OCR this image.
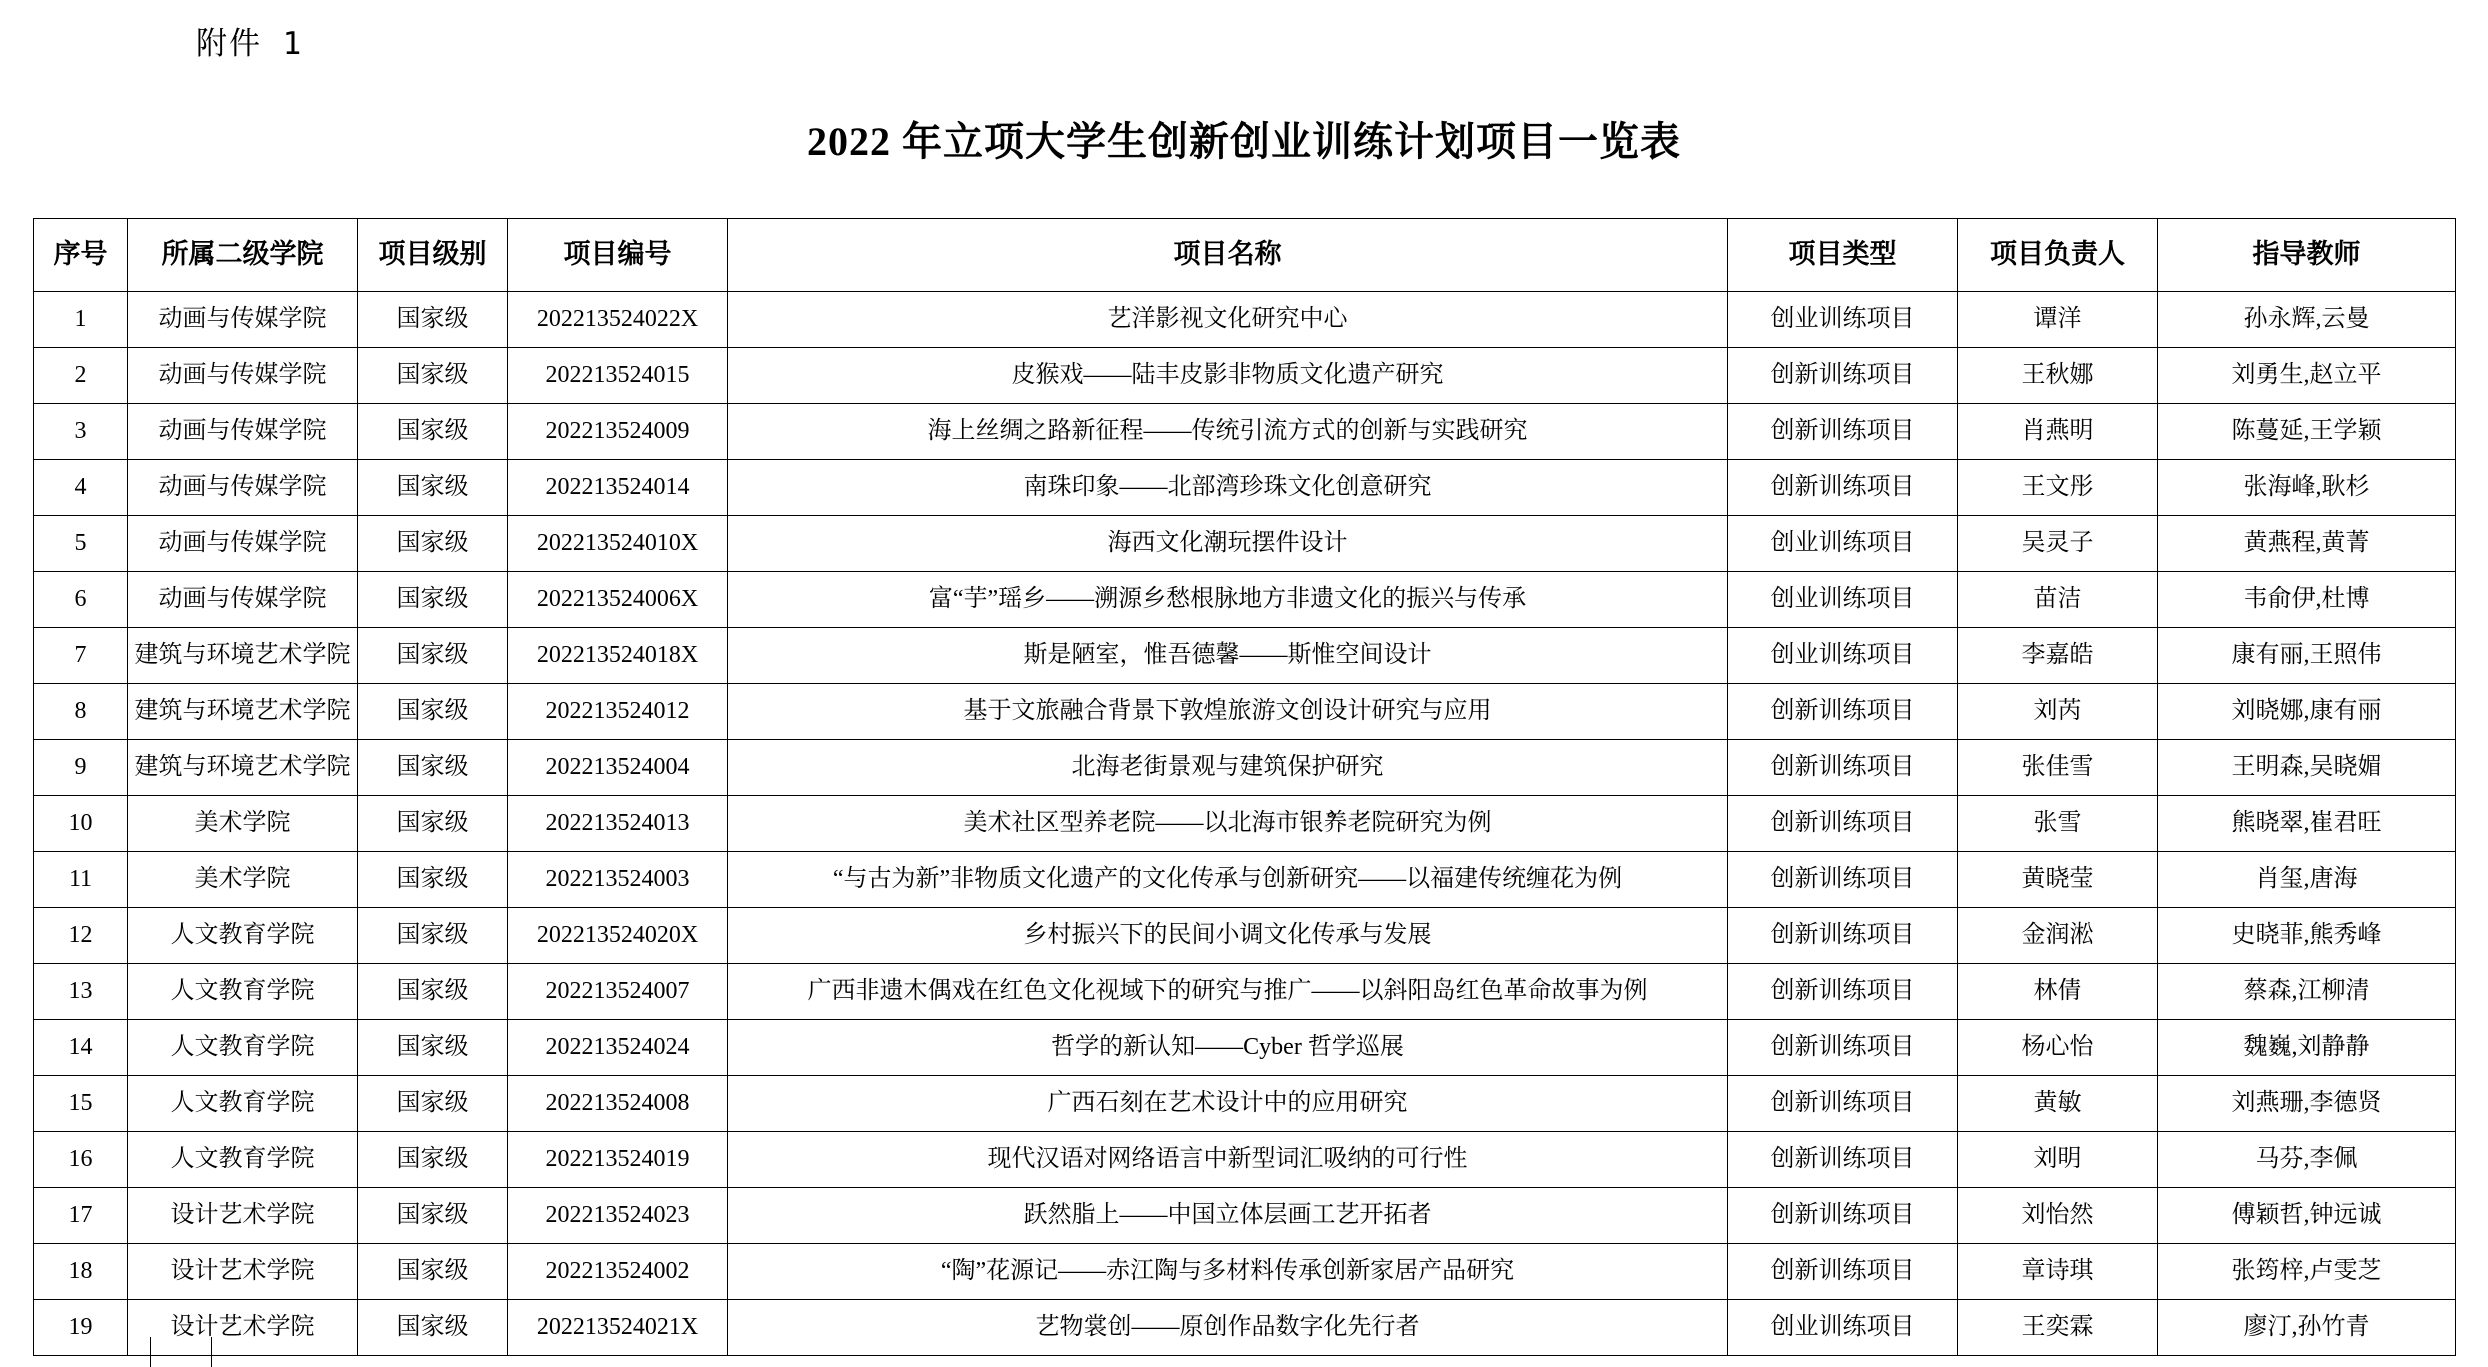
附件 1
2022 年立项大学生创新创业训练计划项目一览表
序号	所属二级学院	项目级别	项目编号	项目名称	项目类型	项目负责人	指导教师
1	动画与传媒学院	国家级	202213524022X	艺洋影视文化研究中心	创业训练项目	谭洋	孙永辉,云曼
2	动画与传媒学院	国家级	202213524015	皮猴戏——陆丰皮影非物质文化遗产研究	创新训练项目	王秋娜	刘勇生,赵立平
3	动画与传媒学院	国家级	202213524009	海上丝绸之路新征程——传统引流方式的创新与实践研究	创新训练项目	肖燕明	陈蔓延,王学颖
4	动画与传媒学院	国家级	202213524014	南珠印象——北部湾珍珠文化创意研究	创新训练项目	王文彤	张海峰,耿杉
5	动画与传媒学院	国家级	202213524010X	海西文化潮玩摆件设计	创业训练项目	吴灵子	黄燕程,黄菁
6	动画与传媒学院	国家级	202213524006X	富“芋”瑶乡——溯源乡愁根脉地方非遗文化的振兴与传承	创业训练项目	苗洁	韦俞伊,杜博
7	建筑与环境艺术学院	国家级	202213524018X	斯是陋室，惟吾德馨——斯惟空间设计	创业训练项目	李嘉皓	康有丽,王照伟
8	建筑与环境艺术学院	国家级	202213524012	基于文旅融合背景下敦煌旅游文创设计研究与应用	创新训练项目	刘芮	刘晓娜,康有丽
9	建筑与环境艺术学院	国家级	202213524004	北海老街景观与建筑保护研究	创新训练项目	张佳雪	王明森,吴晓媚
10	美术学院	国家级	202213524013	美术社区型养老院——以北海市银ް养老院研究为例	创新训练项目	张雪	熊晓翠,崔君旺
11	美术学院	国家级	202213524003	“与古为新”非物质文化遗产的文化传承与创新研究——以福建传统缠花为例	创新训练项目	黄晓莹	肖玺,唐海
12	人文教育学院	国家级	202213524020X	乡村振兴下的民间小调文化传承与发展	创新训练项目	金润淞	史晓菲,熊秀峰
13	人文教育学院	国家级	202213524007	广西非遗木偶戏在红色文化视域下的研究与推广——以斜阳岛红色革命故事为例	创新训练项目	林倩	蔡森,江柳清
14	人文教育学院	国家级	202213524024	哲学的新认知——Cyber 哲学巡展	创新训练项目	杨心怡	魏巍,刘静静
15	人文教育学院	国家级	202213524008	广西石刻在艺术设计中的应用研究	创新训练项目	黄敏	刘燕珊,李德贤
16	人文教育学院	国家级	202213524019	现代汉语对网络语言中新型词汇吸纳的可行性	创新训练项目	刘明	马芬,李佩
17	设计艺术学院	国家级	202213524023	跃然脂上——中国立体层画工艺开拓者	创新训练项目	刘怡然	傅颖哲,钟远诚
18	设计艺术学院	国家级	202213524002	“陶”花源记——赤江陶与多材料传承创新家居产品研究	创新训练项目	章诗琪	张筠梓,卢雯芝
19	设计艺术学院	国家级	202213524021X	艺物裳创——原创作品数字化先行者	创业训练项目	王奕霖	廖汀,孙竹青
